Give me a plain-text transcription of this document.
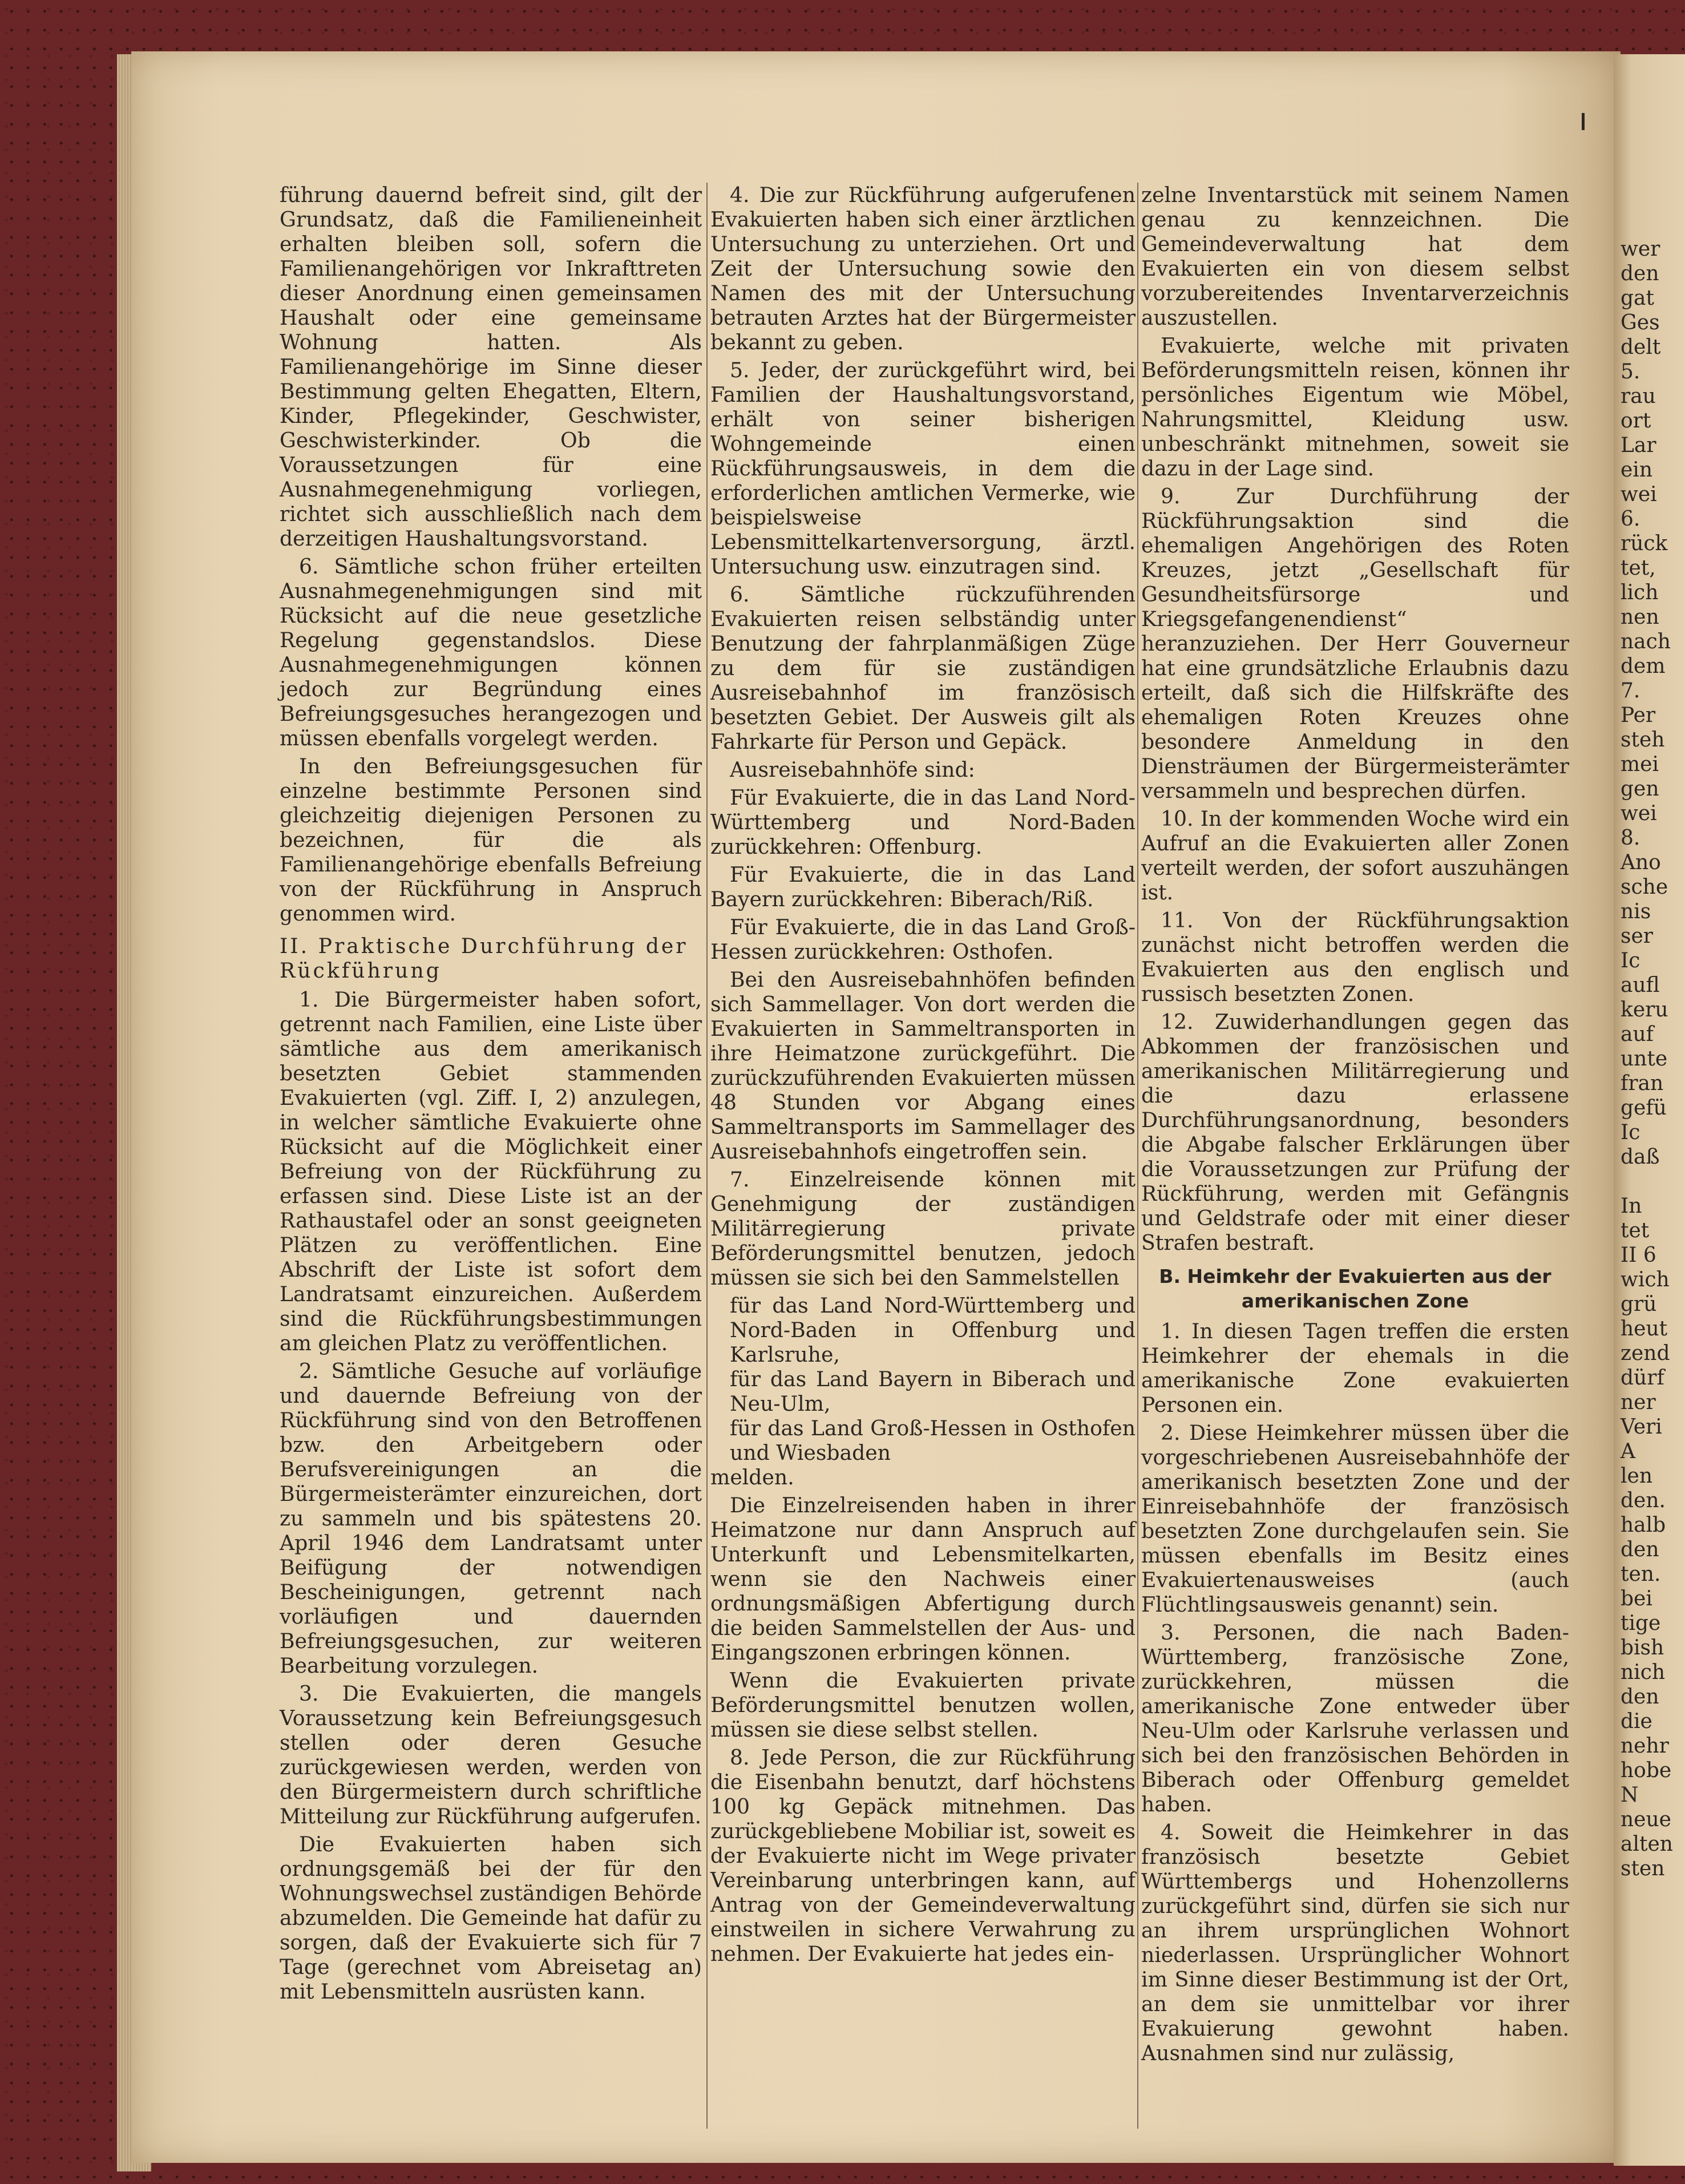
führung dauernd befreit sind, gilt der Grundsatz, daß die Familieneinheit erhalten bleiben soll, sofern die Familienangehörigen vor Inkrafttreten dieser Anordnung einen gemeinsamen Haushalt oder eine gemeinsame Wohnung hatten. Als Familienangehörige im Sinne dieser Bestimmung gelten Ehegatten, Eltern, Kinder, Pflegekinder, Geschwister, Geschwisterkinder. Ob die Voraussetzungen für eine Ausnahmegenehmigung vorliegen, richtet sich ausschließlich nach dem derzeitigen Haushaltungsvorstand.

6. Sämtliche schon früher erteilten Ausnahmegenehmigungen sind mit Rücksicht auf die neue gesetzliche Regelung gegenstandslos. Diese Ausnahmegenehmigungen können jedoch zur Begründung eines Befreiungsgesuches herangezogen und müssen ebenfalls vorgelegt werden.

In den Befreiungsgesuchen für einzelne bestimmte Personen sind gleichzeitig diejenigen Personen zu bezeichnen, für die als Familienangehörige ebenfalls Befreiung von der Rückführung in Anspruch genommen wird.

II. Praktische Durchführung der Rückführung

1. Die Bürgermeister haben sofort, getrennt nach Familien, eine Liste über sämtliche aus dem amerikanisch besetzten Gebiet stammenden Evakuierten (vgl. Ziff. I, 2) anzulegen, in welcher sämtliche Evakuierte ohne Rücksicht auf die Möglichkeit einer Befreiung von der Rückführung zu erfassen sind. Diese Liste ist an der Rathaustafel oder an sonst geeigneten Plätzen zu veröffentlichen. Eine Abschrift der Liste ist sofort dem Landratsamt einzureichen. Außerdem sind die Rückführungsbestimmungen am gleichen Platz zu veröffentlichen.

2. Sämtliche Gesuche auf vorläufige und dauernde Befreiung von der Rückführung sind von den Betroffenen bzw. den Arbeitgebern oder Berufsvereinigungen an die Bürgermeisterämter einzureichen, dort zu sammeln und bis spätestens 20. April 1946 dem Landratsamt unter Beifügung der notwendigen Bescheinigungen, getrennt nach vorläufigen und dauernden Befreiungsgesuchen, zur weiteren Bearbeitung vorzulegen.

3. Die Evakuierten, die mangels Voraussetzung kein Befreiungsgesuch stellen oder deren Gesuche zurückgewiesen werden, werden von den Bürgermeistern durch schriftliche Mitteilung zur Rückführung aufgerufen.

Die Evakuierten haben sich ordnungsgemäß bei der für den Wohnungswechsel zuständigen Behörde abzumelden. Die Gemeinde hat dafür zu sorgen, daß der Evakuierte sich für 7 Tage (gerechnet vom Abreisetag an) mit Lebensmitteln ausrüsten kann.

4. Die zur Rückführung aufgerufenen Evakuierten haben sich einer ärztlichen Untersuchung zu unterziehen. Ort und Zeit der Untersuchung sowie den Namen des mit der Untersuchung betrauten Arztes hat der Bürgermeister bekannt zu geben.

5. Jeder, der zurückgeführt wird, bei Familien der Haushaltungsvorstand, erhält von seiner bisherigen Wohngemeinde einen Rückführungsausweis, in dem die erforderlichen amtlichen Vermerke, wie beispielsweise Lebensmittelkartenversorgung, ärztl. Untersuchung usw. einzutragen sind.

6. Sämtliche rückzuführenden Evakuierten reisen selbständig unter Benutzung der fahrplanmäßigen Züge zu dem für sie zuständigen Ausreisebahnhof im französisch besetzten Gebiet. Der Ausweis gilt als Fahrkarte für Person und Gepäck.

Ausreisebahnhöfe sind:

Für Evakuierte, die in das Land Nord-Württemberg und Nord-Baden zurückkehren: Offenburg.

Für Evakuierte, die in das Land Bayern zurückkehren: Biberach/Riß.

Für Evakuierte, die in das Land Groß-Hessen zurückkehren: Osthofen.

Bei den Ausreisebahnhöfen befinden sich Sammellager. Von dort werden die Evakuierten in Sammeltransporten in ihre Heimatzone zurückgeführt. Die zurückzuführenden Evakuierten müssen 48 Stunden vor Abgang eines Sammeltransports im Sammellager des Ausreisebahnhofs eingetroffen sein.

7. Einzelreisende können mit Genehmigung der zuständigen Militärregierung private Beförderungsmittel benutzen, jedoch müssen sie sich bei den Sammelstellen

für das Land Nord-Württemberg und Nord-Baden in Offenburg und Karlsruhe,

für das Land Bayern in Biberach und Neu-Ulm,

für das Land Groß-Hessen in Osthofen und Wiesbaden

melden.

Die Einzelreisenden haben in ihrer Heimatzone nur dann Anspruch auf Unterkunft und Lebensmitelkarten, wenn sie den Nachweis einer ordnungsmäßigen Abfertigung durch die beiden Sammelstellen der Aus- und Eingangszonen erbringen können.

Wenn die Evakuierten private Beförderungsmittel benutzen wollen, müssen sie diese selbst stellen.

8. Jede Person, die zur Rückführung die Eisenbahn benutzt, darf höchstens 100 kg Gepäck mitnehmen. Das zurückgebliebene Mobiliar ist, soweit es der Evakuierte nicht im Wege privater Vereinbarung unterbringen kann, auf Antrag von der Gemeindeverwaltung einstweilen in sichere Verwahrung zu nehmen. Der Evakuierte hat jedes ein-

zelne Inventarstück mit seinem Namen genau zu kennzeichnen. Die Gemeindeverwaltung hat dem Evakuierten ein von diesem selbst vorzubereitendes Inventarverzeichnis auszustellen.

Evakuierte, welche mit privaten Beförderungsmitteln reisen, können ihr persönliches Eigentum wie Möbel, Nahrungsmittel, Kleidung usw. unbeschränkt mitnehmen, soweit sie dazu in der Lage sind.

9. Zur Durchführung der Rückführungsaktion sind die ehemaligen Angehörigen des Roten Kreuzes, jetzt „Gesellschaft für Gesundheitsfürsorge und Kriegsgefangenendienst“ heranzuziehen. Der Herr Gouverneur hat eine grundsätzliche Erlaubnis dazu erteilt, daß sich die Hilfskräfte des ehemaligen Roten Kreuzes ohne besondere Anmeldung in den Diensträumen der Bürgermeisterämter versammeln und besprechen dürfen.

10. In der kommenden Woche wird ein Aufruf an die Evakuierten aller Zonen verteilt werden, der sofort auszuhängen ist.

11. Von der Rückführungsaktion zunächst nicht betroffen werden die Evakuierten aus den englisch und russisch besetzten Zonen.

12. Zuwiderhandlungen gegen das Abkommen der französischen und amerikanischen Militärregierung und die dazu erlassene Durchführungsanordnung, besonders die Abgabe falscher Erklärungen über die Voraussetzungen zur Prüfung der Rückführung, werden mit Gefängnis und Geldstrafe oder mit einer dieser Strafen bestraft.

B. Heimkehr der Evakuierten aus der amerikanischen Zone

1. In diesen Tagen treffen die ersten Heimkehrer der ehemals in die amerikanische Zone evakuierten Personen ein.

2. Diese Heimkehrer müssen über die vorgeschriebenen Ausreisebahnhöfe der amerikanisch besetzten Zone und der Einreisebahnhöfe der französisch besetzten Zone durchgelaufen sein. Sie müssen ebenfalls im Besitz eines Evakuiertenausweises (auch Flüchtlingsausweis genannt) sein.

3. Personen, die nach Baden-Württemberg, französische Zone, zurückkehren, müssen die amerikanische Zone entweder über Neu-Ulm oder Karlsruhe verlassen und sich bei den französischen Behörden in Biberach oder Offenburg gemeldet haben.

4. Soweit die Heimkehrer in das französisch besetzte Gebiet Württembergs und Hohenzollerns zurückgeführt sind, dürfen sie sich nur an ihrem ursprünglichen Wohnort niederlassen. Ursprünglicher Wohnort im Sinne dieser Bestimmung ist der Ort, an dem sie unmittelbar vor ihrer Evakuierung gewohnt haben. Ausnahmen sind nur zulässig,

wer
den
gat
Ges
delt
5.
rau
ort
Lar
ein
wei
6.
rück
tet,
lich
nen
nach
dem
7.
Per
steh
mei
gen
wei
8.
Ano
sche
nis
ser
Ic
aufl
keru
auf
unte
fran
gefü
Ic
daß

In
tet
II 6
wich
grü
heut
zend
dürf
ner
Veri
A
len
den.
halb
den
ten.
bei
tige
bish
nich
den
die
nehr
hobe
N
neue
alten
sten
